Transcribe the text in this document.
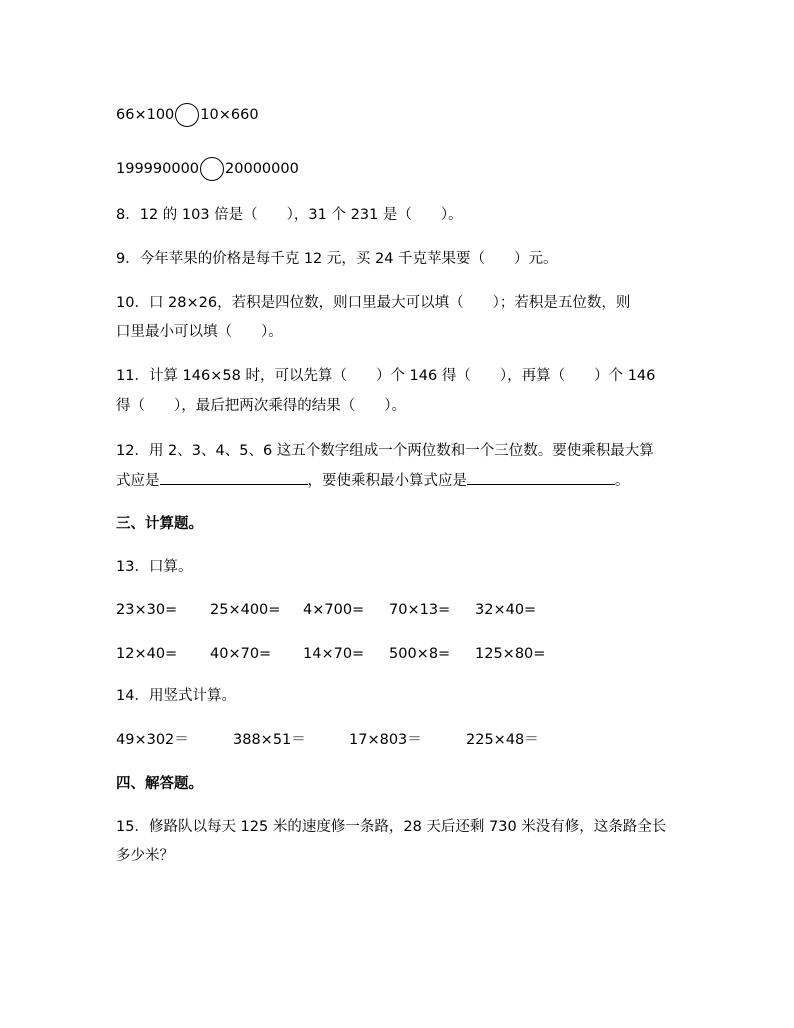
66×100 10×660
199990000 20000000
8．12 的 103 倍是（　　），31 个 231 是（　　）。
9．今年苹果的价格是每千克 12 元，买 24 千克苹果要（　　）元。
10．口 28×26，若积是四位数，则口里最大可以填（　　）；若积是五位数，则
口里最小可以填（　　）。
11．计算 146×58 时，可以先算（　　）个 146 得（　　），再算（　　）个 146
得（　　），最后把两次乘得的结果（　　）。
12．用 2、3、4、5、6 这五个数字组成一个两位数和一个三位数。要使乘积最大算
式应是	，要使乘积最小算式应是	。
三、计算题。
13．口算。
23×30= 25×400= 4×700= 70×13= 32×40=
12×40= 40×70= 14×70= 500×8= 125×80=
14．用竖式计算。
49×302＝	388×51＝	17×803＝	225×48＝
四、解答题。
15．修路队以每天 125 米的速度修一条路，28 天后还剩 730 米没有修，这条路全长
多少米？
